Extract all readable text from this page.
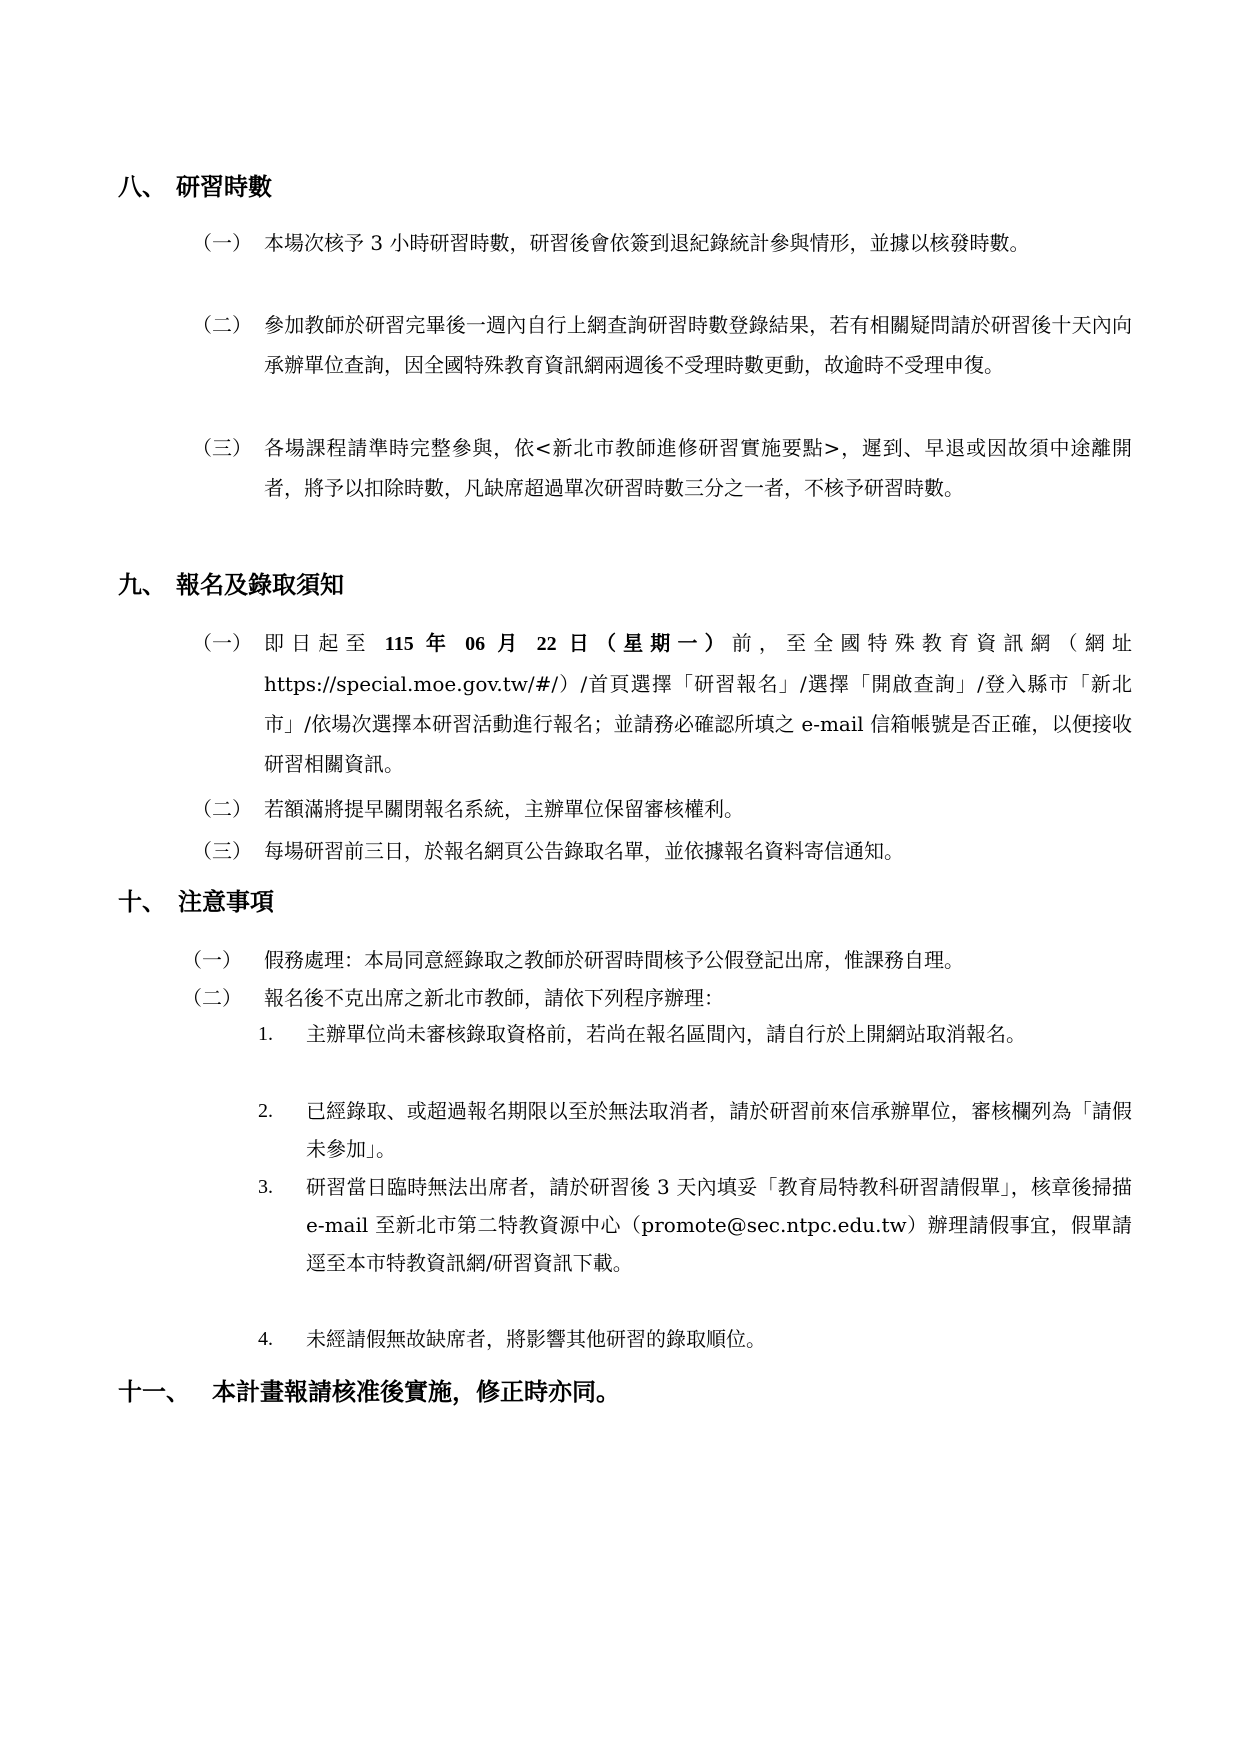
八、 研習時數
（一） 本場次核予 3 小時研習時數，研習後會依簽到退紀錄統計參與情形，並據以核發時數。
（二） 參加教師於研習完畢後一週內自行上網查詢研習時數登錄結果，若有相關疑問請於研習後十天內向承辦單位查詢，因全國特殊教育資訊網兩週後不受理時數更動，故逾時不受理申復。
（三） 各場課程請準時完整參與，依<新北市教師進修研習實施要點>，遲到、早退或因故須中途離開者，將予以扣除時數，凡缺席超過單次研習時數三分之一者，不核予研習時數。
九、 報名及錄取須知
（一） 即日起至 115 年 06 月 22 日（星期一）前，至全國特殊教育資訊網（網址 https://special.moe.gov.tw/#/）/首頁選擇「研習報名」/選擇「開啟查詢」/登入縣市「新北市」/依場次選擇本研習活動進行報名；並請務必確認所填之 e-mail 信箱帳號是否正確，以便接收研習相關資訊。
（二） 若額滿將提早關閉報名系統，主辦單位保留審核權利。
（三） 每場研習前三日，於報名網頁公告錄取名單，並依據報名資料寄信通知。
十、 注意事項
（一） 假務處理：本局同意經錄取之教師於研習時間核予公假登記出席，惟課務自理。
（二） 報名後不克出席之新北市教師，請依下列程序辦理：
1. 主辦單位尚未審核錄取資格前，若尚在報名區間內，請自行於上開網站取消報名。
2. 已經錄取、或超過報名期限以至於無法取消者，請於研習前來信承辦單位，審核欄列為「請假未參加」。
3. 研習當日臨時無法出席者，請於研習後 3 天內填妥「教育局特教科研習請假單」，核章後掃描 e-mail 至新北市第二特教資源中心（promote@sec.ntpc.edu.tw）辦理請假事宜，假單請逕至本市特教資訊網/研習資訊下載。
4. 未經請假無故缺席者，將影響其他研習的錄取順位。
十一、 本計畫報請核准後實施，修正時亦同。
